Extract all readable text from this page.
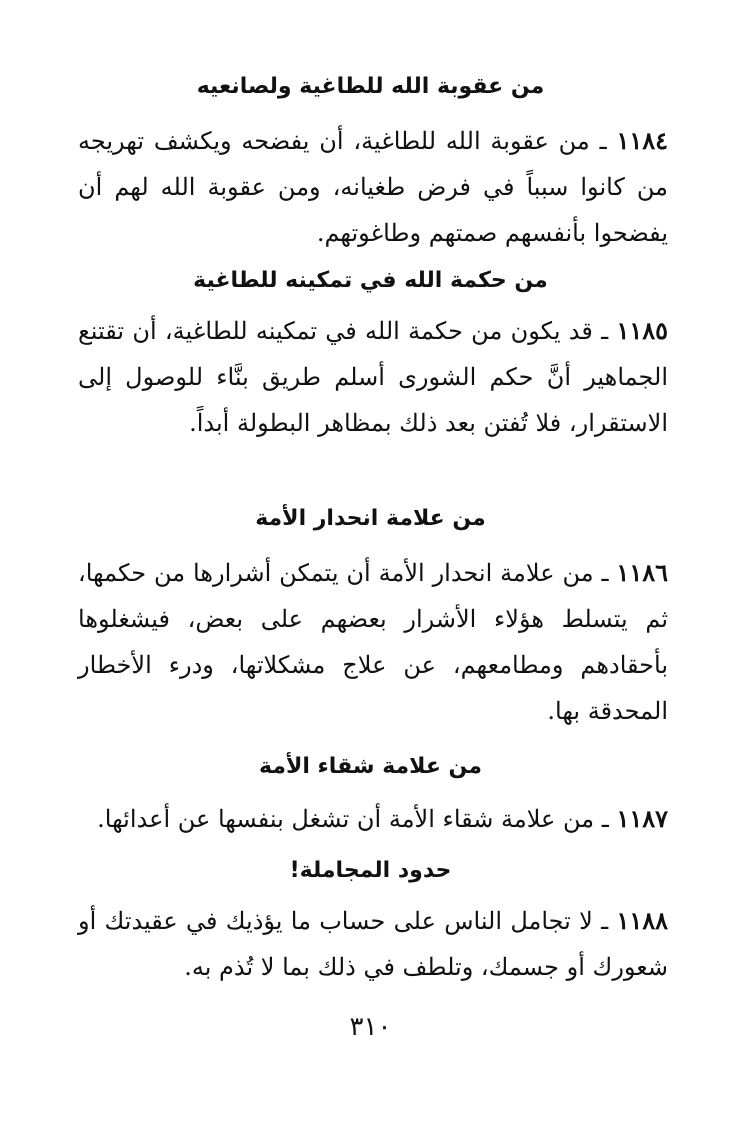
من عقوبة الله للطاغية ولصانعيه
١١٨٤ ـ من عقوبة الله للطاغية، أن يفضحه ويكشف تهريجه من كانوا سبباً في فرض طغيانه، ومن عقوبة الله لهم أن يفضحوا بأنفسهم صمتهم وطاغوتهم.
من حكمة الله في تمكينه للطاغية
١١٨٥ ـ قد يكون من حكمة الله في تمكينه للطاغية، أن تقتنع الجماهير أنَّ حكم الشورى أسلم طريق بنَّاء للوصول إلى الاستقرار، فلا تُفتن بعد ذلك بمظاهر البطولة أبداً.
من علامة انحدار الأمة
١١٨٦ ـ من علامة انحدار الأمة أن يتمكن أشرارها من حكمها، ثم يتسلط هؤلاء الأشرار بعضهم على بعض، فيشغلوها بأحقادهم ومطامعهم، عن علاج مشكلاتها، ودرء الأخطار المحدقة بها.
من علامة شقاء الأمة
١١٨٧ ـ من علامة شقاء الأمة أن تشغل بنفسها عن أعدائها.
حدود المجاملة!
١١٨٨ ـ لا تجامل الناس على حساب ما يؤذيك في عقيدتك أو شعورك أو جسمك، وتلطف في ذلك بما لا تُذم به.
٣١٠
